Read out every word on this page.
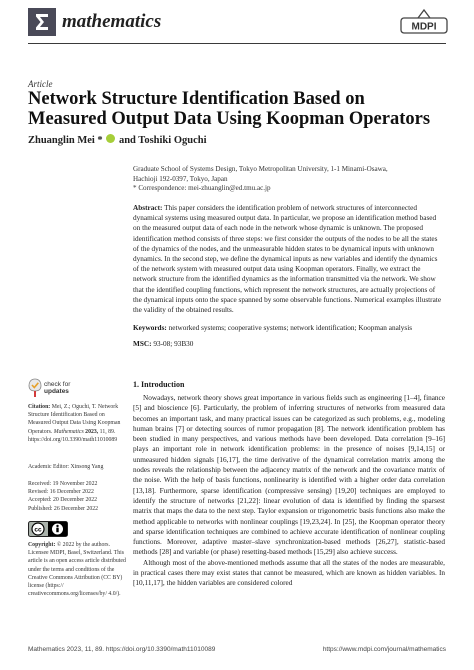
mathematics	MDPI
Article
Network Structure Identification Based on Measured Output Data Using Koopman Operators
Zhuanglin Mei * and Toshiki Oguchi
Graduate School of Systems Design, Tokyo Metropolitan University, 1-1 Minami-Osawa,
Hachioji 192-0397, Tokyo, Japan
* Correspondence: mei-zhuanglin@ed.tmu.ac.jp
Abstract: This paper considers the identification problem of network structures of interconnected dynamical systems using measured output data. In particular, we propose an identification method based on the measured output data of each node in the network whose dynamic is unknown. The proposed identification method consists of three steps: we first consider the outputs of the nodes to be all the states of the dynamics of the nodes, and the unmeasurable hidden states to be dynamical inputs with unknown dynamics. In the second step, we define the dynamical inputs as new variables and identify the dynamics of the network system with measured output data using Koopman operators. Finally, we extract the network structure from the identified dynamics as the information transmitted via the network. We show that the identified coupling functions, which represent the network structures, are actually projections of the dynamical inputs onto the space spanned by some observable functions. Numerical examples illustrate the validity of the obtained results.
Keywords: networked systems; cooperative systems; network identification; Koopman analysis
MSC: 93-08; 93B30
check for
updates
Citation: Mei, Z.; Oguchi, T. Network Structure Identification Based on Measured Output Data Using Koopman Operators. Mathematics 2023, 11, 89. https://doi.org/10.3390/math11010089
Academic Editor: Xinsong Yang
Received: 19 November 2022
Revised: 16 December 2022
Accepted: 20 December 2022
Published: 26 December 2022
cc
Copyright: © 2022 by the authors. Licensee MDPI, Basel, Switzerland. This article is an open access article distributed under the terms and conditions of the Creative Commons Attribution (CC BY) license (https:// creativecommons.org/licenses/by/ 4.0/).
1. Introduction

Nowadays, network theory shows great importance in various fields such as engineering [1–4], finance [5] and bioscience [6]. Particularly, the problem of inferring structures of networks from measured data becomes an important task, and many practical issues can be categorized as such problems, e.g., modeling human brains [7] or detecting sources of rumor propagation [8]. The network identification problem has been studied in many perspectives, and various methods have been developed. Data correlation [9–16] plays an important role in network identification problems: in the presence of noises [9,14,15] or unmeasured hidden signals [16,17], the time derivative of the dynamical correlation matrix among the nodes reveals the relationship between the adjacency matrix of the network and the covariance matrix of the noise. With the help of basis functions, nonlinearity is identified with a higher order data correlation [13,18]. Furthermore, sparse identification (compressive sensing) [19,20] techniques are employed to identify the structure of networks [21,22]: linear evolution of data is identified by finding the sparsest matrix that maps the data to the next step. Taylor expansion or trigonometric basis functions also make the method applicable to networks with nonlinear couplings [19,23,24]. In [25], the Koopman operator theory and sparse identification techniques are combined to achieve accurate identification of nonlinear coupling functions. Moreover, adaptive master–slave synchronization-based methods [26,27], statistic-based methods [28] and variable (or phase) resetting-based methods [15,29] also achieve success.

Although most of the above-mentioned methods assume that all the states of the nodes are measurable, in practical cases there may exist states that cannot be measured, which are known as hidden variables. In [10,11,17], the hidden variables are considered colored

Mathematics 2023, 11, 89. https://doi.org/10.3390/math11010089	https://www.mdpi.com/journal/mathematics
